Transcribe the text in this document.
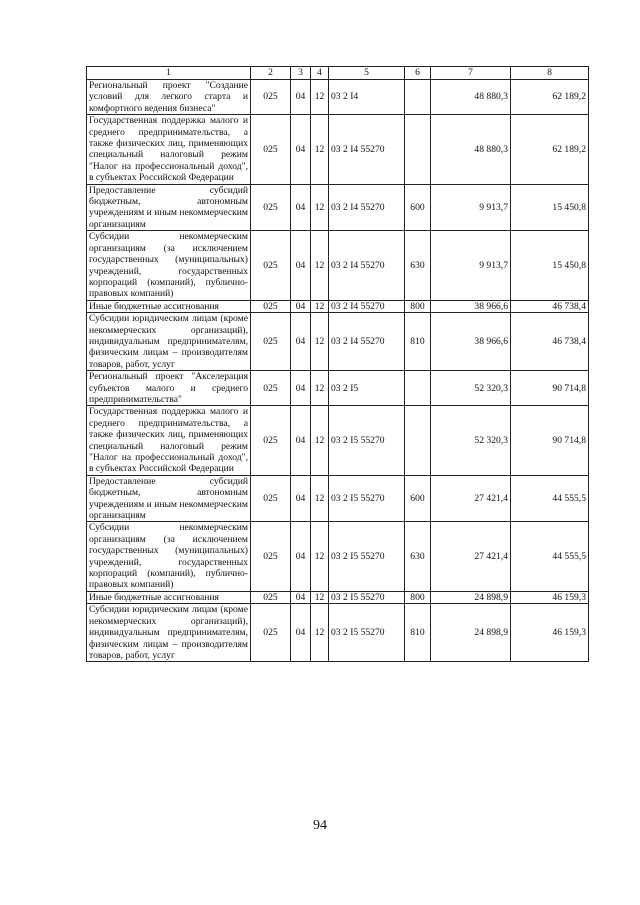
1	2	3	4	5	6	7	8
Региональный проект "Создание условий для легкого старта и комфортного ведения бизнеса"	025	04	12	03 2 I4		48 880,3	62 189,2
Государственная поддержка малого и среднего предпринимательства, а также физических лиц, применяющих специальный налоговый режим "Налог на профессиональный доход", в субъектах Российской Федерации	025	04	12	03 2 I4 55270		48 880,3	62 189,2
Предоставление субсидий бюджетным, автономным учреждениям и иным некоммерческим организациям	025	04	12	03 2 I4 55270	600	9 913,7	15 450,8
Субсидии некоммерческим организациям (за исключением государственных (муниципальных) учреждений, государственных корпораций (компаний), публично-правовых компаний)	025	04	12	03 2 I4 55270	630	9 913,7	15 450,8
Иные бюджетные ассигнования	025	04	12	03 2 I4 55270	800	38 966,6	46 738,4
Субсидии юридическим лицам (кроме некоммерческих организаций), индивидуальным предпринимателям, физическим лицам – производителям товаров, работ, услуг	025	04	12	03 2 I4 55270	810	38 966,6	46 738,4
Региональный проект "Акселерация субъектов малого и среднего предпринимательства"	025	04	12	03 2 I5		52 320,3	90 714,8
Государственная поддержка малого и среднего предпринимательства, а также физических лиц, применяющих специальный налоговый режим "Налог на профессиональный доход", в субъектах Российской Федерации	025	04	12	03 2 I5 55270		52 320,3	90 714,8
Предоставление субсидий бюджетным, автономным учреждениям и иным некоммерческим организациям	025	04	12	03 2 I5 55270	600	27 421,4	44 555,5
Субсидии некоммерческим организациям (за исключением государственных (муниципальных) учреждений, государственных корпораций (компаний), публично-правовых компаний)	025	04	12	03 2 I5 55270	630	27 421,4	44 555,5
Иные бюджетные ассигнования	025	04	12	03 2 I5 55270	800	24 898,9	46 159,3
Субсидии юридическим лицам (кроме некоммерческих организаций), индивидуальным предпринимателям, физическим лицам – производителям товаров, работ, услуг	025	04	12	03 2 I5 55270	810	24 898,9	46 159,3
94
